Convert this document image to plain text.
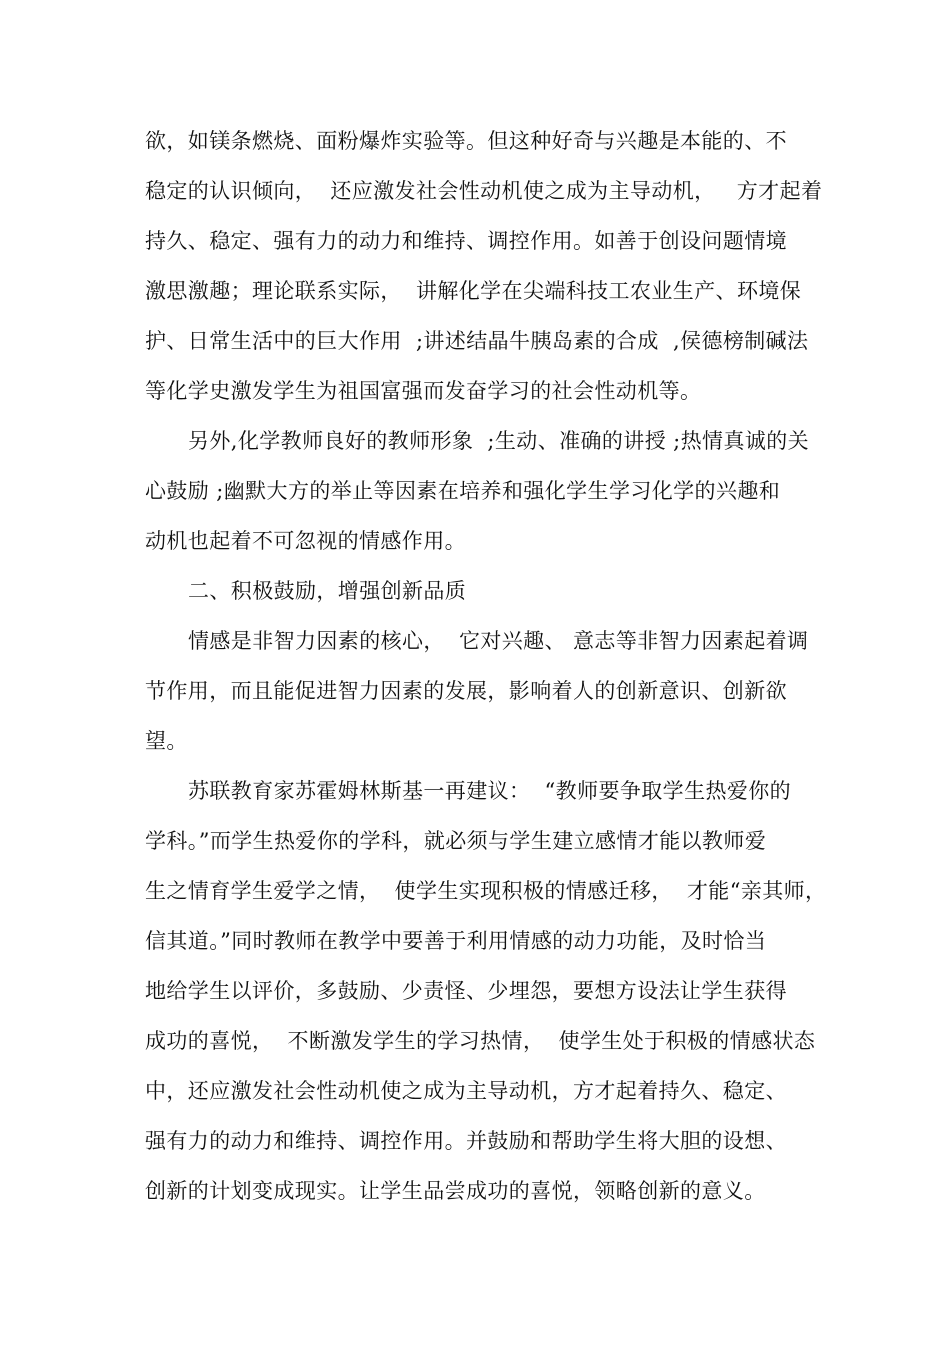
欲，如镁条燃烧、面粉爆炸实验等。但这种好奇与兴趣是本能的、不
稳定的认识倾向，  还应激发社会性动机使之成为主导动机，   方才起着
持久、稳定、强有力的动力和维持、调控作用。如善于创设问题情境
激思激趣；理论联系实际，  讲解化学在尖端科技工农业生产、环境保
护、日常生活中的巨大作用  ;讲述结晶牛胰岛素的合成  ,侯德榜制碱法
等化学史激发学生为祖国富强而发奋学习的社会性动机等。
另外,化学教师良好的教师形象  ;生动、准确的讲授 ;热情真诚的关
心鼓励 ;幽默大方的举止等因素在培养和强化学生学习化学的兴趣和
动机也起着不可忽视的情感作用。
二、积极鼓励，增强创新品质
情感是非智力因素的核心，  它对兴趣、 意志等非智力因素起着调
节作用，而且能促进智力因素的发展，影响着人的创新意识、创新欲
望。
苏联教育家苏霍姆林斯基一再建议：  “教师要争取学生热爱你的
学科。”而学生热爱你的学科，就必须与学生建立感情才能以教师爱
生之情育学生爱学之情，  使学生实现积极的情感迁移，  才能“亲其师，
信其道。”同时教师在教学中要善于利用情感的动力功能，及时恰当
地给学生以评价，多鼓励、少责怪、少埋怨，要想方设法让学生获得
成功的喜悦，  不断激发学生的学习热情，  使学生处于积极的情感状态
中，还应激发社会性动机使之成为主导动机，方才起着持久、稳定、
强有力的动力和维持、调控作用。并鼓励和帮助学生将大胆的设想、
创新的计划变成现实。让学生品尝成功的喜悦，领略创新的意义。
